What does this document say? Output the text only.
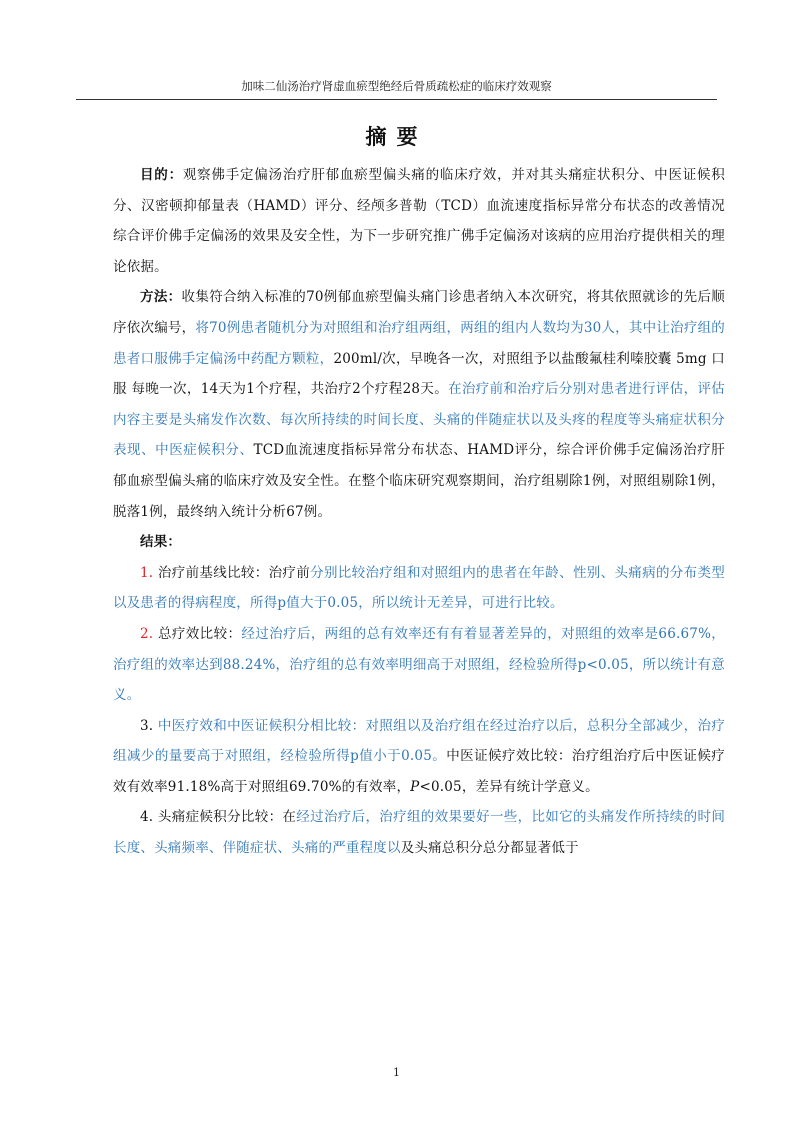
加味二仙汤治疗肾虚血瘀型绝经后骨质疏松症的临床疗效观察
摘要

目的：观察佛手定偏汤治疗肝郁血瘀型偏头痛的临床疗效，并对其头痛症状积分、中医证候积分、汉密顿抑郁量表（HAMD）评分、经颅多普勒（TCD）血流速度指标异常分布状态的改善情况综合评价佛手定偏汤的效果及安全性，为下一步研究推广佛手定偏汤对该病的应用治疗提供相关的理论依据。

方法：收集符合纳入标准的70例郁血瘀型偏头痛门诊患者纳入本次研究，将其依照就诊的先后顺序依次编号，将70例患者随机分为对照组和治疗组两组，两组的组内人数均为30人，其中让治疗组的患者口服佛手定偏汤中药配方颗粒，200ml/次，早晚各一次，对照组予以盐酸氟桂利嗪胶囊 5mg 口服 每晚一次，14天为1个疗程，共治疗2个疗程28天。在治疗前和治疗后分别对患者进行评估，评估内容主要是头痛发作次数、每次所持续的时间长度、头痛的伴随症状以及头疼的程度等头痛症状积分表现、中医症候积分、TCD血流速度指标异常分布状态、HAMD评分，综合评价佛手定偏汤治疗肝郁血瘀型偏头痛的临床疗效及安全性。在整个临床研究观察期间，治疗组剔除1例，对照组剔除1例，脱落1例，最终纳入统计分析67例。

结果：

1. 治疗前基线比较：治疗前分别比较治疗组和对照组内的患者在年龄、性别、头痛病的分布类型以及患者的得病程度，所得p值大于0.05，所以统计无差异，可进行比较。

2. 总疗效比较：经过治疗后，两组的总有效率还有有着显著差异的，对照组的效率是66.67%，治疗组的效率达到88.24%，治疗组的总有效率明细高于对照组，经检验所得p<0.05，所以统计有意义。

3. 中医疗效和中医证候积分相比较：对照组以及治疗组在经过治疗以后，总积分全部减少，治疗组减少的量要高于对照组，经检验所得p值小于0.05。中医证候疗效比较：治疗组治疗后中医证候疗效有效率91.18%高于对照组69.70%的有效率，P<0.05，差异有统计学意义。

4. 头痛症候积分比较：在经过治疗后，治疗组的效果要好一些，比如它的头痛发作所持续的时间长度、头痛频率、伴随症状、头痛的严重程度以及头痛总积分总分都显著低于

1
